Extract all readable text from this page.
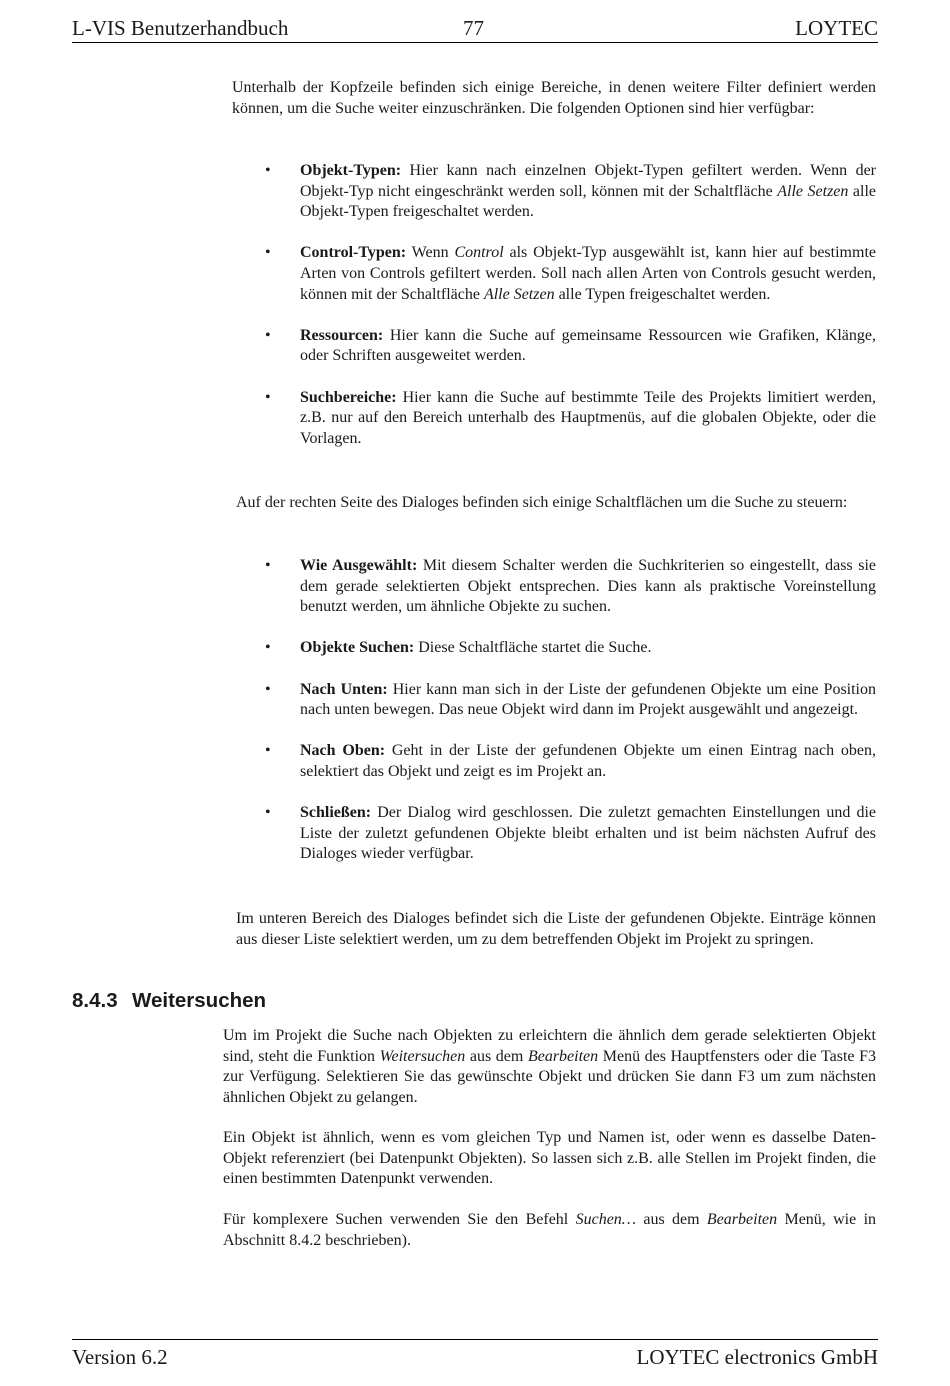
L-VIS Benutzerhandbuch	77	LOYTEC

Unterhalb der Kopfzeile befinden sich einige Bereiche, in denen weitere Filter definiert werden können, um die Suche weiter einzuschränken. Die folgenden Optionen sind hier verfügbar:

• Objekt-Typen: Hier kann nach einzelnen Objekt-Typen gefiltert werden. Wenn der Objekt-Typ nicht eingeschränkt werden soll, können mit der Schaltfläche Alle Setzen alle Objekt-Typen freigeschaltet werden.
• Control-Typen: Wenn Control als Objekt-Typ ausgewählt ist, kann hier auf bestimmte Arten von Controls gefiltert werden. Soll nach allen Arten von Controls gesucht werden, können mit der Schaltfläche Alle Setzen alle Typen freigeschaltet werden.
• Ressourcen: Hier kann die Suche auf gemeinsame Ressourcen wie Grafiken, Klänge, oder Schriften ausgeweitet werden.
• Suchbereiche: Hier kann die Suche auf bestimmte Teile des Projekts limitiert werden, z.B. nur auf den Bereich unterhalb des Hauptmenüs, auf die globalen Objekte, oder die Vorlagen.

Auf der rechten Seite des Dialoges befinden sich einige Schaltflächen um die Suche zu steuern:

• Wie Ausgewählt: Mit diesem Schalter werden die Suchkriterien so eingestellt, dass sie dem gerade selektierten Objekt entsprechen. Dies kann als praktische Voreinstellung benutzt werden, um ähnliche Objekte zu suchen.
• Objekte Suchen: Diese Schaltfläche startet die Suche.
• Nach Unten: Hier kann man sich in der Liste der gefundenen Objekte um eine Position nach unten bewegen. Das neue Objekt wird dann im Projekt ausgewählt und angezeigt.
• Nach Oben: Geht in der Liste der gefundenen Objekte um einen Eintrag nach oben, selektiert das Objekt und zeigt es im Projekt an.
• Schließen: Der Dialog wird geschlossen. Die zuletzt gemachten Einstellungen und die Liste der zuletzt gefundenen Objekte bleibt erhalten und ist beim nächsten Aufruf des Dialoges wieder verfügbar.

Im unteren Bereich des Dialoges befindet sich die Liste der gefundenen Objekte. Einträge können aus dieser Liste selektiert werden, um zu dem betreffenden Objekt im Projekt zu springen.

8.4.3 Weitersuchen

Um im Projekt die Suche nach Objekten zu erleichtern die ähnlich dem gerade selektierten Objekt sind, steht die Funktion Weitersuchen aus dem Bearbeiten Menü des Hauptfensters oder die Taste F3 zur Verfügung. Selektieren Sie das gewünschte Objekt und drücken Sie dann F3 um zum nächsten ähnlichen Objekt zu gelangen.

Ein Objekt ist ähnlich, wenn es vom gleichen Typ und Namen ist, oder wenn es dasselbe Daten-Objekt referenziert (bei Datenpunkt Objekten). So lassen sich z.B. alle Stellen im Projekt finden, die einen bestimmten Datenpunkt verwenden.

Für komplexere Suchen verwenden Sie den Befehl Suchen… aus dem Bearbeiten Menü, wie in Abschnitt 8.4.2 beschrieben).

Version 6.2	LOYTEC electronics GmbH
